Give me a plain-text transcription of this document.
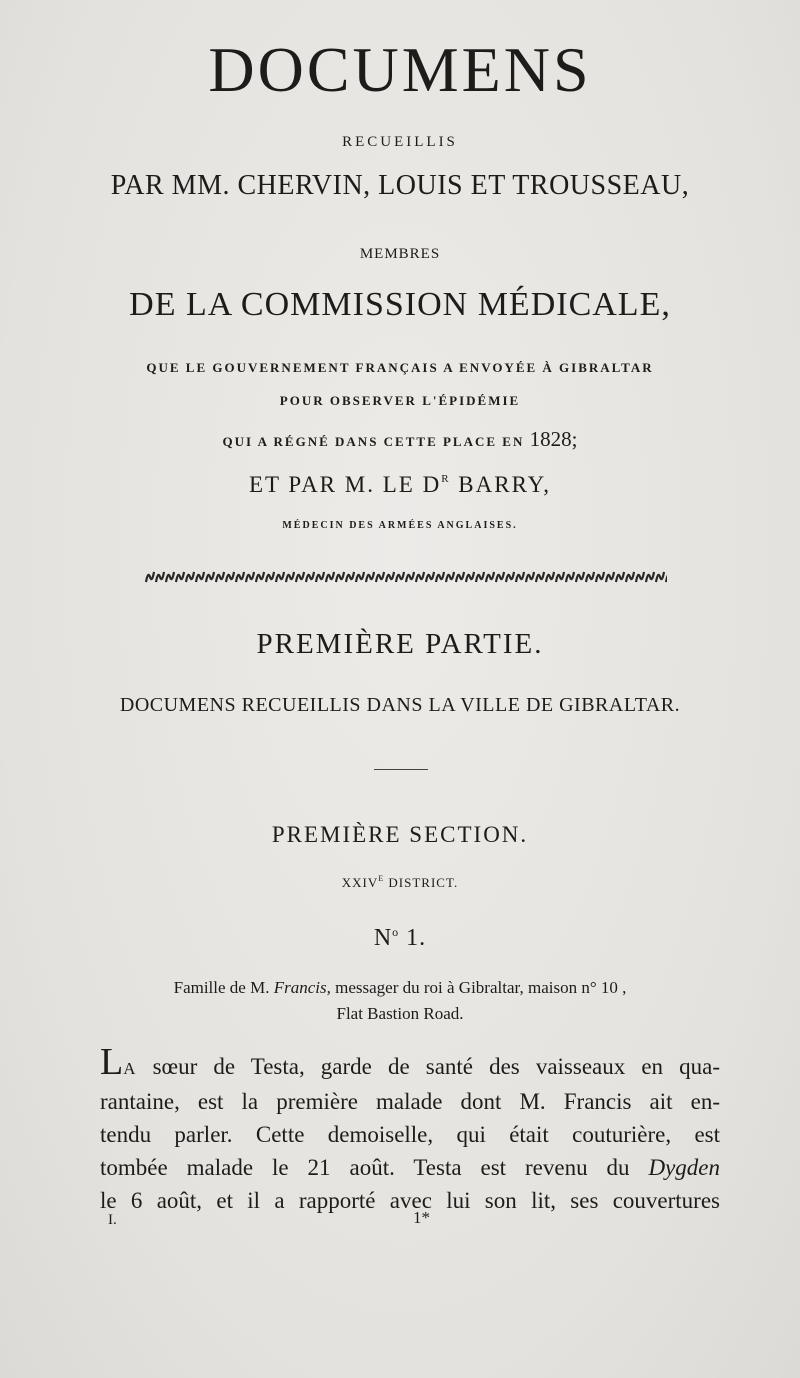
DOCUMENS
RECUEILLIS
PAR MM. CHERVIN, LOUIS ET TROUSSEAU,
MEMBRES
DE LA COMMISSION MÉDICALE,
QUE LE GOUVERNEMENT FRANÇAIS A ENVOYÉE À GIBRALTAR
POUR OBSERVER L'ÉPIDÉMIE
QUI A RÉGNÉ DANS CETTE PLACE EN 1828;
ET PAR M. LE $D^R$ BARRY,
MÉDECIN DES ARMÉES ANGLAISES.
PREMIÈRE PARTIE.
DOCUMENS RECUEILLIS DANS LA VILLE DE GIBRALTAR.
PREMIÈRE SECTION.
$XXIV^E$ DISTRICT.
$N^o$ 1.
Famille de M. Francis, messager du roi à Gibraltar, maison n° 10 ,
Flat Bastion Road.
LA sœur de Testa, garde de santé des vaisseaux en qua-
rantaine, est la première malade dont M. Francis ait en-
tendu parler. Cette demoiselle, qui était couturière, est
tombée malade le 21 août. Testa est revenu du Dygden
le 6 août, et il a rapporté avec lui son lit, ses couvertures
I.	1*
